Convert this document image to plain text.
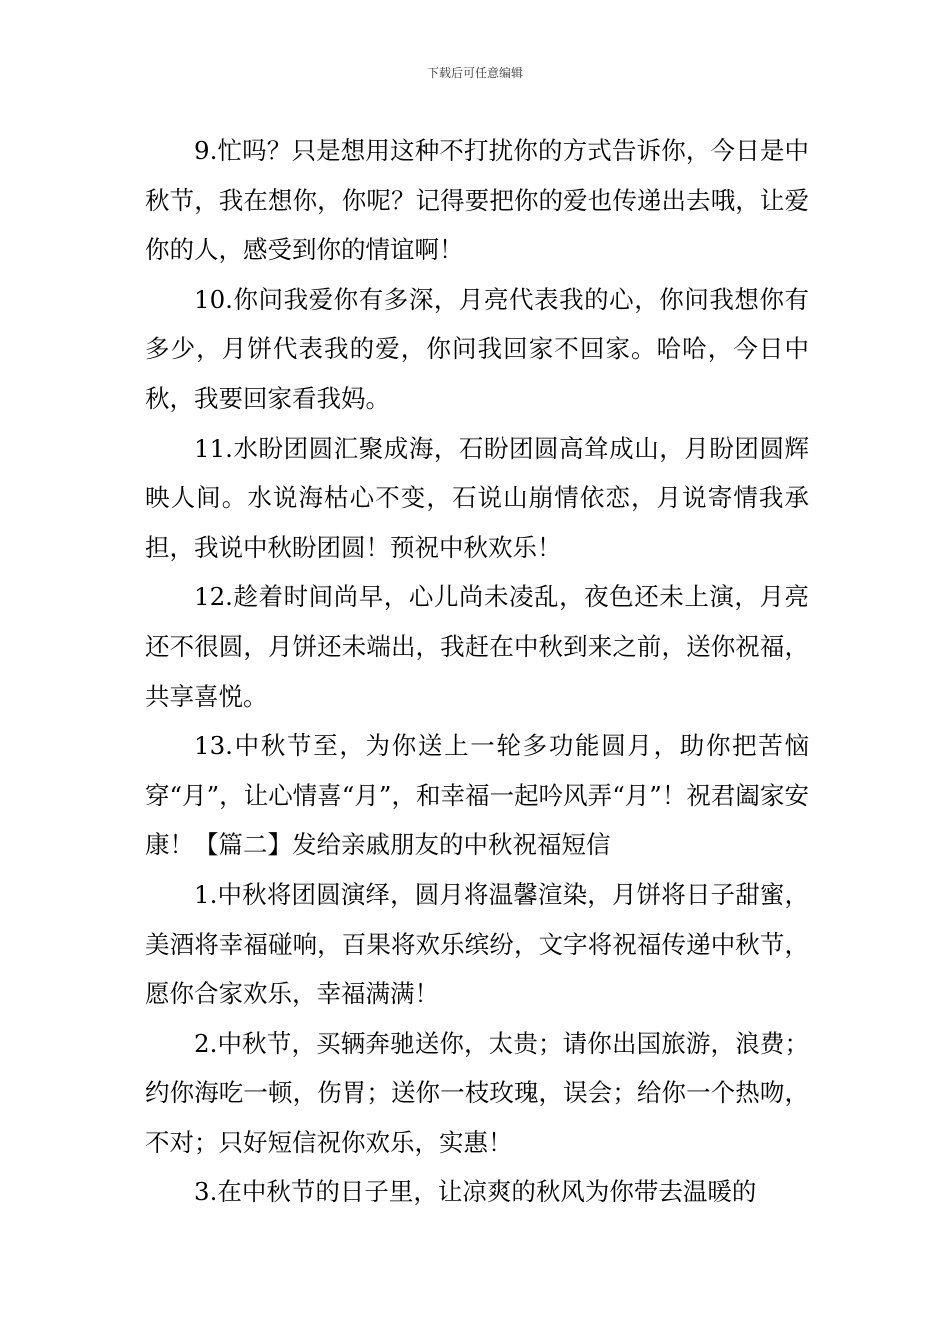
下载后可任意编辑

9.忙吗？只是想用这种不打扰你的方式告诉你，今日是中秋节，我在想你，你呢？记得要把你的爱也传递出去哦，让爱你的人，感受到你的情谊啊！

10.你问我爱你有多深，月亮代表我的心，你问我想你有多少，月饼代表我的爱，你问我回家不回家。哈哈，今日中秋，我要回家看我妈。

11.水盼团圆汇聚成海，石盼团圆高耸成山，月盼团圆辉映人间。水说海枯心不变，石说山崩情依恋，月说寄情我承担，我说中秋盼团圆！预祝中秋欢乐！

12.趁着时间尚早，心儿尚未凌乱，夜色还未上演，月亮还不很圆，月饼还未端出，我赶在中秋到来之前，送你祝福，共享喜悦。

13.中秋节至，为你送上一轮多功能圆月，助你把苦恼穿“月”，让心情喜“月”，和幸福一起吟风弄“月”！祝君阖家安康！【篇二】发给亲戚朋友的中秋祝福短信

1.中秋将团圆演绎，圆月将温馨渲染，月饼将日子甜蜜，美酒将幸福碰响，百果将欢乐缤纷，文字将祝福传递中秋节，愿你合家欢乐，幸福满满！

2.中秋节，买辆奔驰送你，太贵；请你出国旅游，浪费；约你海吃一顿，伤胃；送你一枝玫瑰，误会；给你一个热吻，不对；只好短信祝你欢乐，实惠！

3.在中秋节的日子里，让凉爽的秋风为你带去温暖的
